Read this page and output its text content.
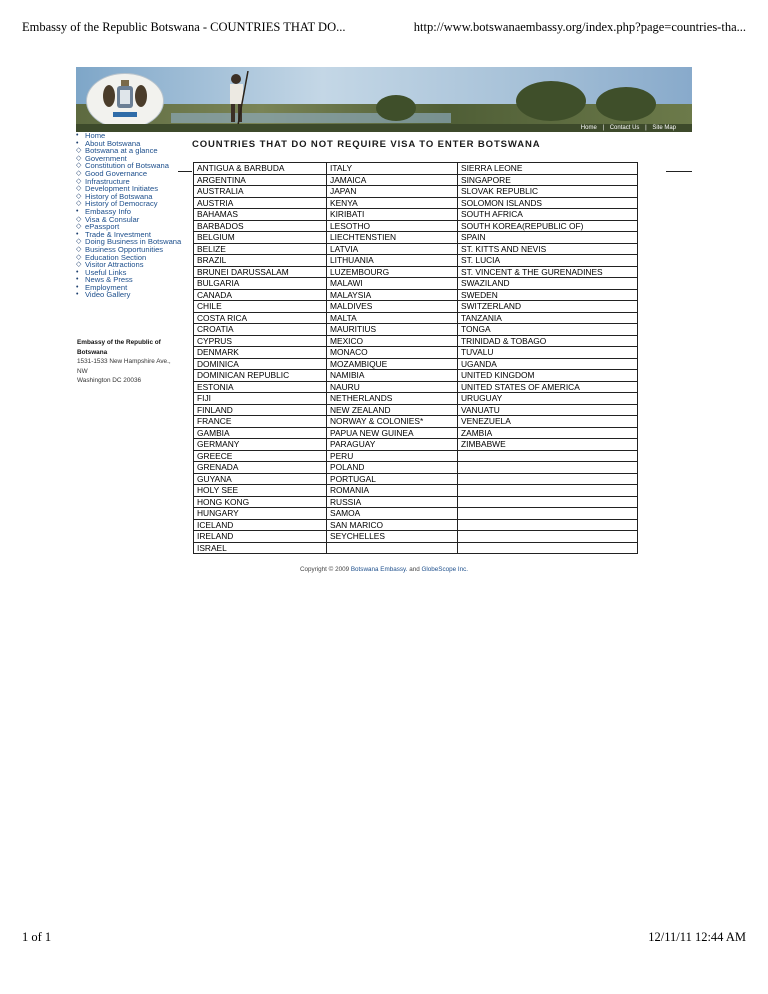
Embassy of the Republic Botswana - COUNTRIES THAT DO...	http://www.botswanaembassy.org/index.php?page=countries-tha...
Home | Contact Us | Site Map
• Home
• About Botswana
◇ Botswana at a glance
◇ Government
◇ Constitution of Botswana
◇ Good Governance
◇ Infrastructure
◇ Development Initiates
◇ History of Botswana
◇ History of Democracy
• Embassy Info
◇ Visa & Consular
◇ ePassport
• Trade & Investment
◇ Doing Business in Botswana
◇ Business Opportunities
◇ Education Section
◇ Visitor Attractions
• Useful Links
• News & Press
• Employment
• Video Gallery
Embassy of the Republic of Botswana
1531-1533 New Hampshire Ave., NW
Washington DC 20036
COUNTRIES THAT DO NOT REQUIRE VISA TO ENTER BOTSWANA
ANTIGUA & BARBUDA	ITALY	SIERRA LEONE
ARGENTINA	JAMAICA	SINGAPORE
AUSTRALIA	JAPAN	SLOVAK REPUBLIC
AUSTRIA	KENYA	SOLOMON ISLANDS
BAHAMAS	KIRIBATI	SOUTH AFRICA
BARBADOS	LESOTHO	SOUTH KOREA(REPUBLIC OF)
BELGIUM	LIECHTENSTIEN	SPAIN
BELIZE	LATVIA	ST. KITTS AND NEVIS
BRAZIL	LITHUANIA	ST. LUCIA
BRUNEI DARUSSALAM	LUZEMBOURG	ST. VINCENT & THE GURENADINES
BULGARIA	MALAWI	SWAZILAND
CANADA	MALAYSIA	SWEDEN
CHILE	MALDIVES	SWITZERLAND
COSTA RICA	MALTA	TANZANIA
CROATIA	MAURITIUS	TONGA
CYPRUS	MEXICO	TRINIDAD & TOBAGO
DENMARK	MONACO	TUVALU
DOMINICA	MOZAMBIQUE	UGANDA
DOMINICAN REPUBLIC	NAMIBIA	UNITED KINGDOM
ESTONIA	NAURU	UNITED STATES OF AMERICA
FIJI	NETHERLANDS	URUGUAY
FINLAND	NEW ZEALAND	VANUATU
FRANCE	NORWAY & COLONIES*	VENEZUELA
GAMBIA	PAPUA NEW GUINEA	ZAMBIA
GERMANY	PARAGUAY	ZIMBABWE
GREECE	PERU	
GRENADA	POLAND	
GUYANA	PORTUGAL	
HOLY SEE	ROMANIA	
HONG KONG	RUSSIA	
HUNGARY	SAMOA	
ICELAND	SAN MARICO	
IRELAND	SEYCHELLES	
ISRAEL		
Copyright © 2009 Botswana Embassy. and GlobeScope Inc.
1 of 1	12/11/11 12:44 AM
